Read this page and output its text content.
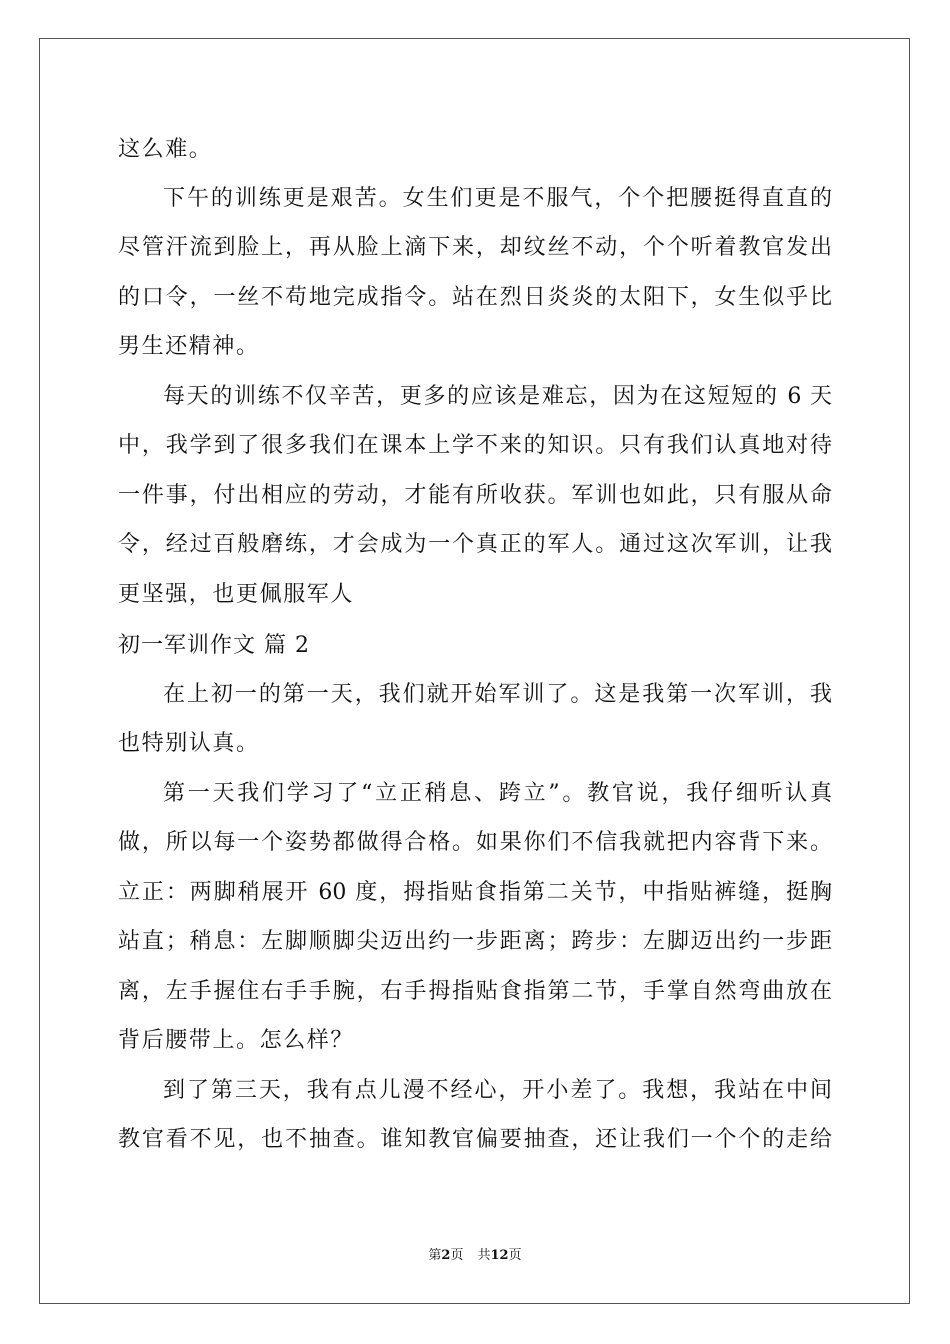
这么难。
下午的训练更是艰苦。女生们更是不服气，个个把腰挺得直直的
尽管汗流到脸上，再从脸上滴下来，却纹丝不动，个个听着教官发出
的口令，一丝不苟地完成指令。站在烈日炎炎的太阳下，女生似乎比
男生还精神。
每天的训练不仅辛苦，更多的应该是难忘，因为在这短短的 6 天
中，我学到了很多我们在课本上学不来的知识。只有我们认真地对待
一件事，付出相应的劳动，才能有所收获。军训也如此，只有服从命
令，经过百般磨练，才会成为一个真正的军人。通过这次军训，让我
更坚强，也更佩服军人
初一军训作文 篇 2
在上初一的第一天，我们就开始军训了。这是我第一次军训，我
也特别认真。
第一天我们学习了“立正稍息、跨立”。教官说，我仔细听认真
做，所以每一个姿势都做得合格。如果你们不信我就把内容背下来。
立正：两脚稍展开 60 度，拇指贴食指第二关节，中指贴裤缝，挺胸
站直；稍息：左脚顺脚尖迈出约一步距离；跨步：左脚迈出约一步距
离，左手握住右手手腕，右手拇指贴食指第二节，手掌自然弯曲放在
背后腰带上。怎么样？
到了第三天，我有点儿漫不经心，开小差了。我想，我站在中间
教官看不见，也不抽查。谁知教官偏要抽查，还让我们一个个的走给
第2页 共12页
